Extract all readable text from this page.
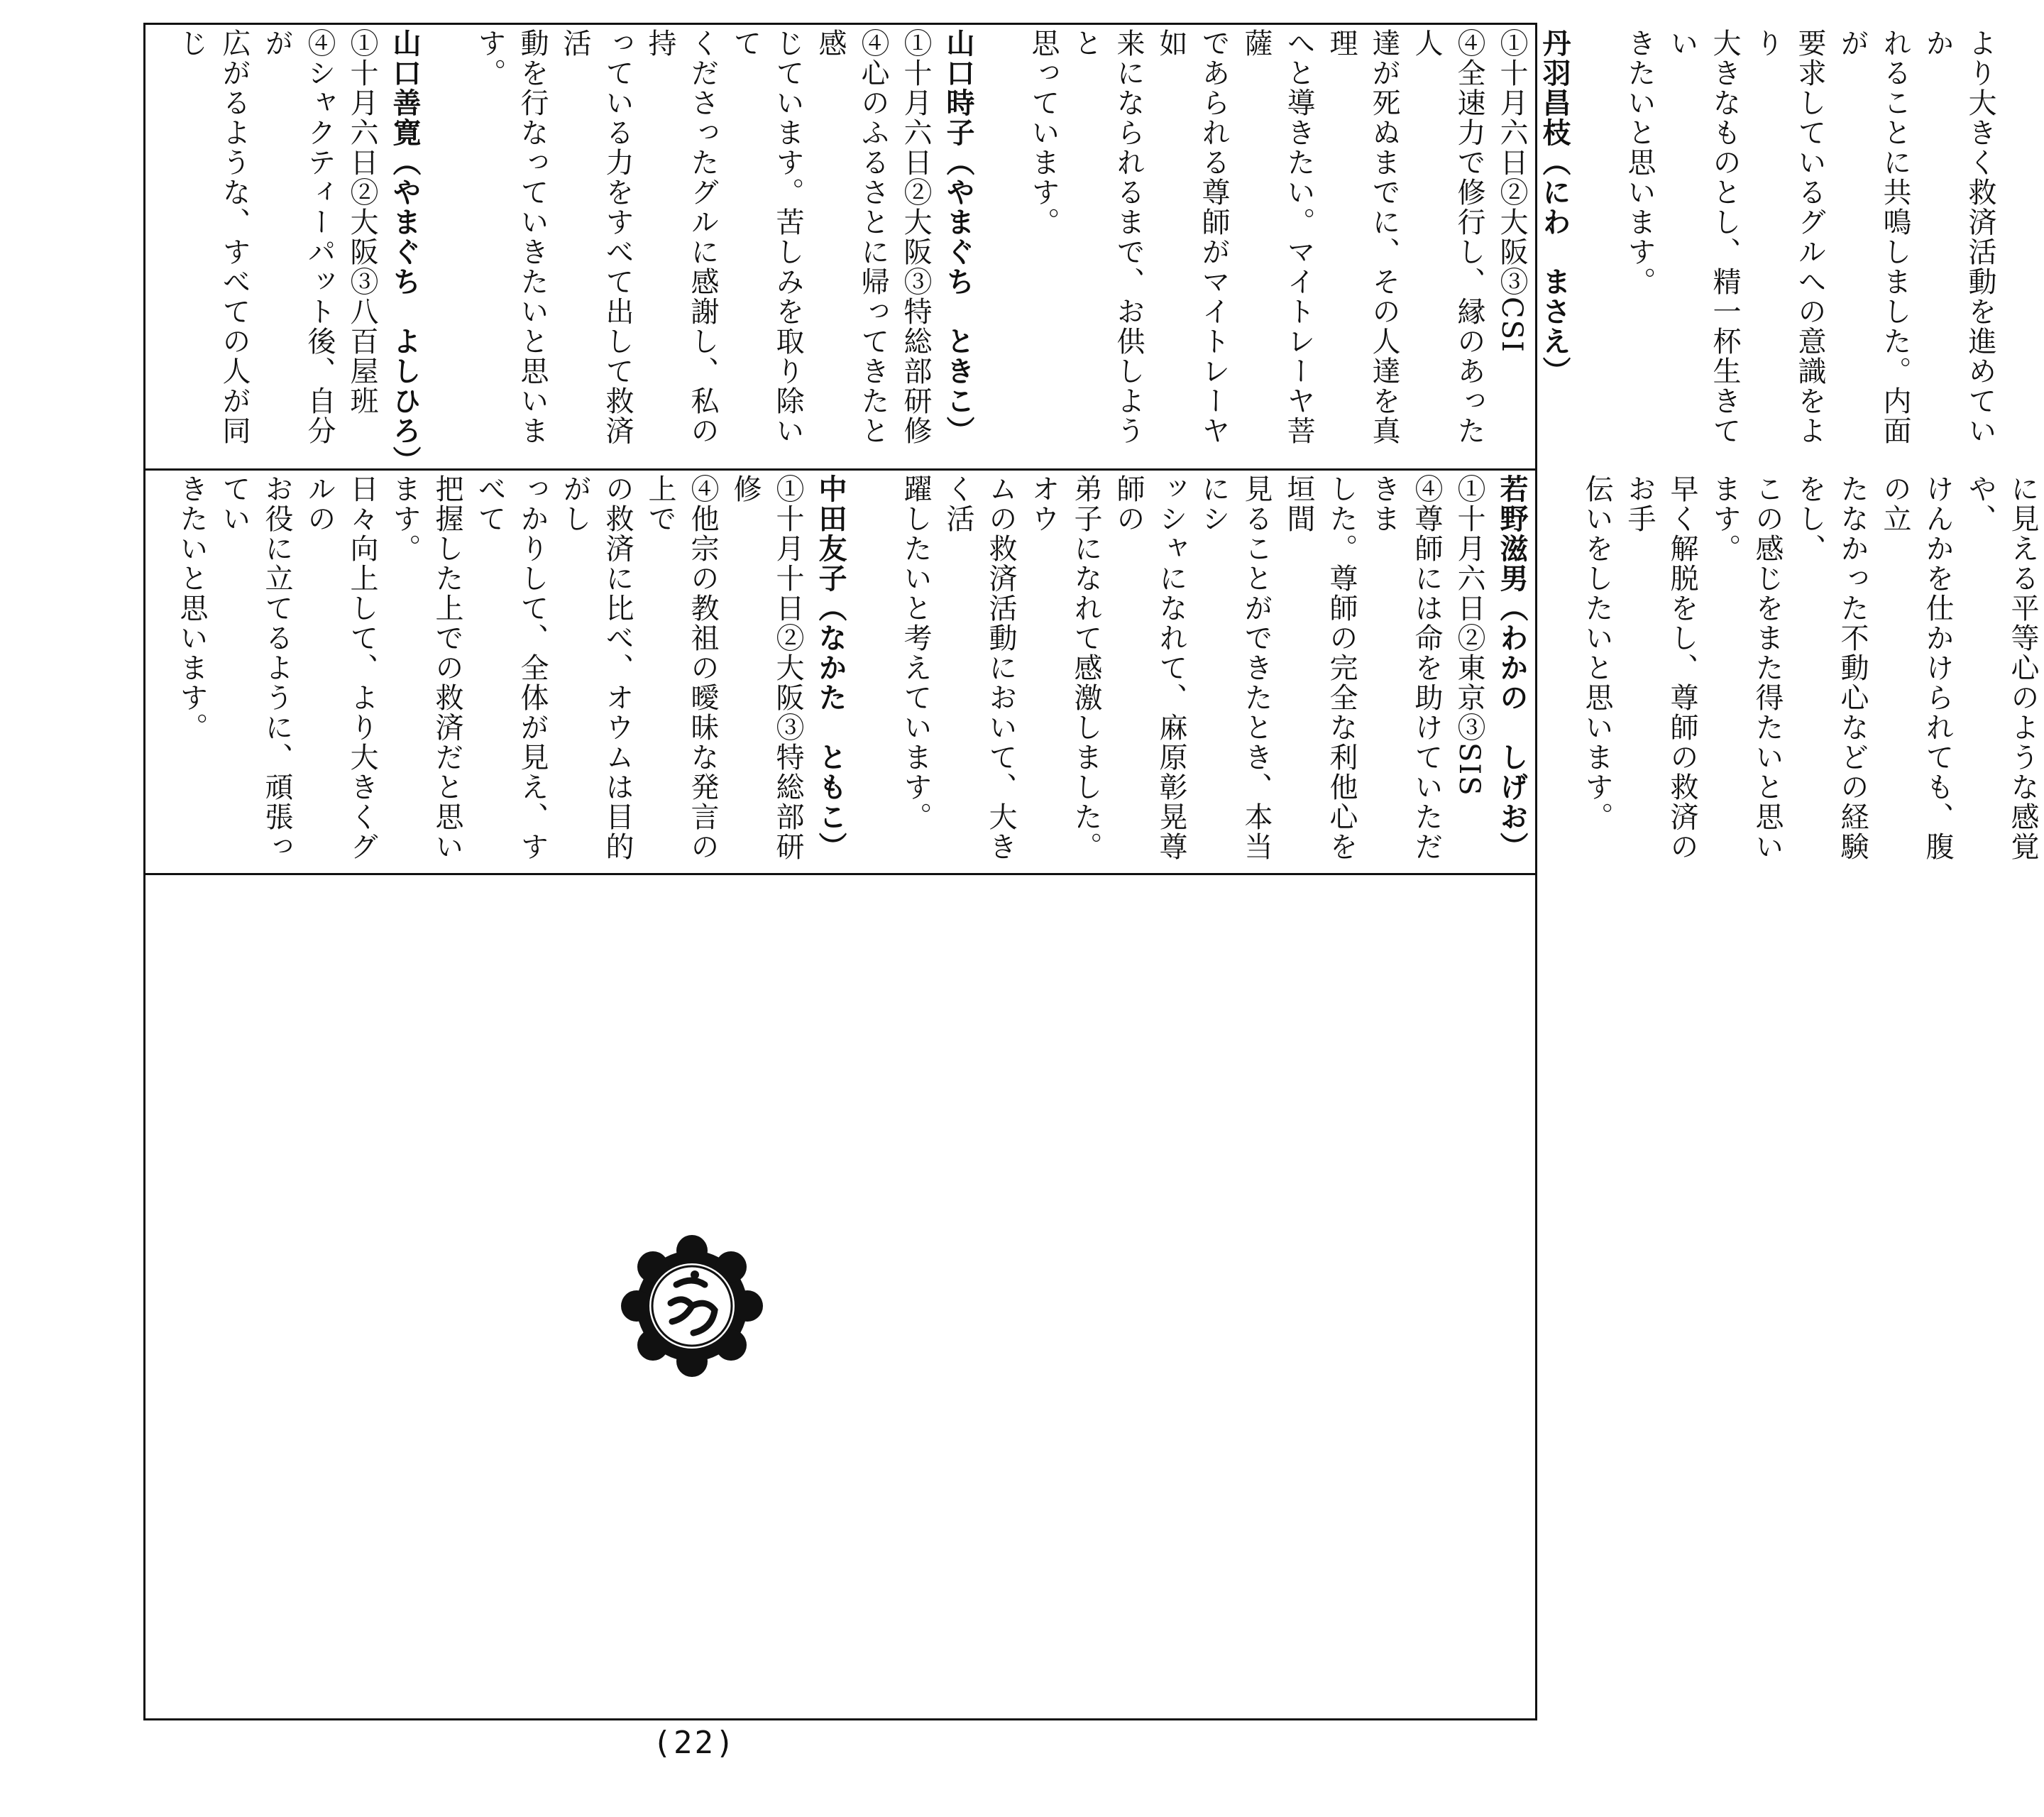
より大きく救済活動を進めていか
れることに共鳴しました。内面が
要求しているグルへの意識をより
大きなものとし、精一杯生きてい
きたいと思います。

丹羽昌枝（にわ　まさえ）
①十月六日②大阪③CSI
④全速力で修行し、縁のあった人
達が死ぬまでに、その人達を真理
へと導きたい。マイトレーヤ菩薩
であられる尊師がマイトレーヤ如
来になられるまで、お供しようと
思っています。

山口時子（やまぐち　ときこ）
①十月六日②大阪③特総部研修
④心のふるさとに帰ってきたと感
じています。苦しみを取り除いて
くださったグルに感謝し、私の持
っている力をすべて出して救済活
動を行なっていきたいと思います。

山口善寛（やまぐち　よしひろ）
①十月六日②大阪③八百屋班
④シャクティーパット後、自分が
広がるような、すべての人が同じ
に見える平等心のような感覚や、
けんかを仕かけられても、腹の立
たなかった不動心などの経験をし、
この感じをまた得たいと思います。
早く解脱をし、尊師の救済のお手
伝いをしたいと思います。

若野滋男（わかの　しげお）
①十月六日②東京③SIS
④尊師には命を助けていただきま
した。尊師の完全な利他心を垣間
見ることができたとき、本当にシ
ッシャになれて、麻原彰晃尊師の
弟子になれて感激しました。オウ
ムの救済活動において、大きく活
躍したいと考えています。

中田友子（なかた　ともこ）
①十月十日②大阪③特総部研修
④他宗の教祖の曖昧な発言の上で
の救済に比べ、オウムは目的がし
っかりして、全体が見え、すべて
把握した上での救済だと思います。
日々向上して、より大きくグルの
お役に立てるように、頑張ってい
きたいと思います。
(22)
